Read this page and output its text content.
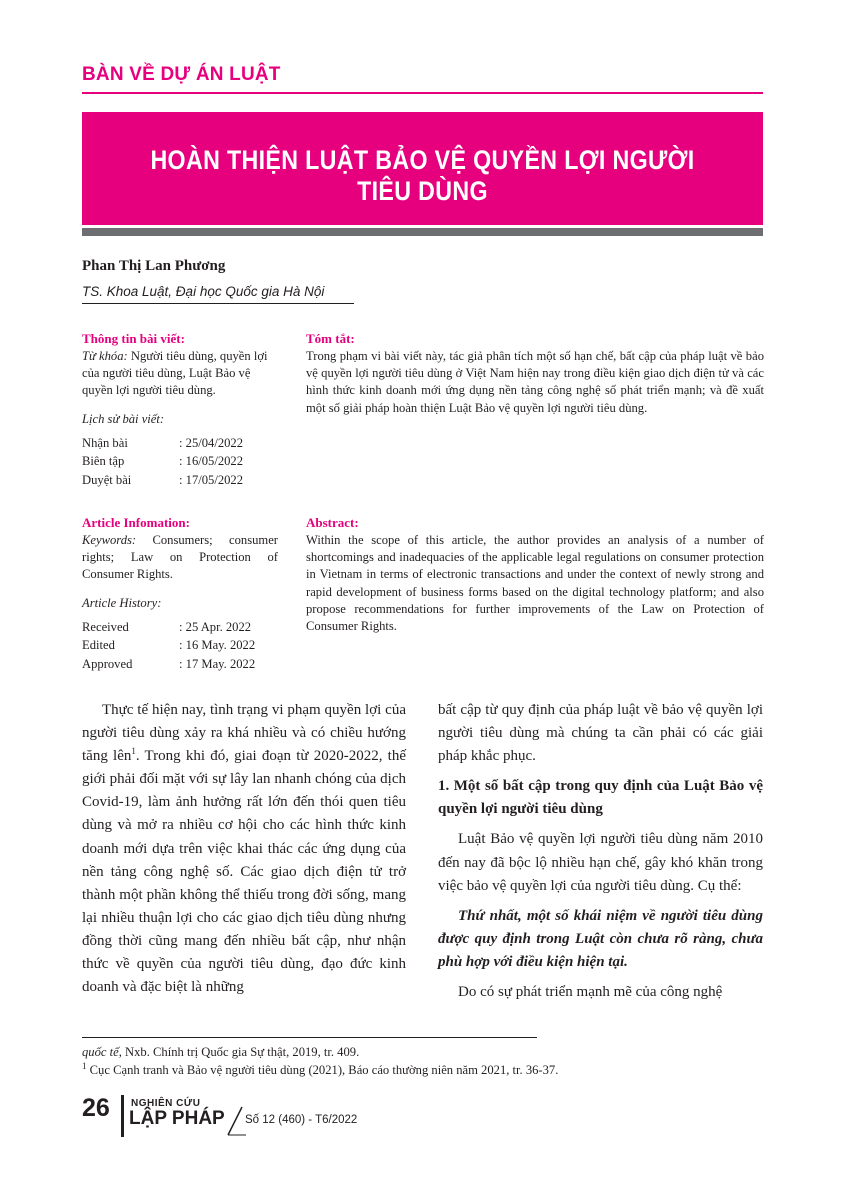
BÀN VỀ DỰ ÁN LUẬT
HOÀN THIỆN LUẬT BẢO VỆ QUYỀN LỢI NGƯỜI TIÊU DÙNG
Phan Thị Lan Phương
TS. Khoa Luật, Đại học Quốc gia Hà Nội
Thông tin bài viết:
Từ khóa: Người tiêu dùng, quyền lợi của người tiêu dùng, Luật Bảo vệ quyền lợi người tiêu dùng.
Lịch sử bài viết:
Nhận bài	: 25/04/2022
Biên tập	: 16/05/2022
Duyệt bài	: 17/05/2022
Tóm tắt:
Trong phạm vi bài viết này, tác giả phân tích một số hạn chế, bất cập của pháp luật về bảo vệ quyền lợi người tiêu dùng ở Việt Nam hiện nay trong điều kiện giao dịch điện tử và các hình thức kinh doanh mới ứng dụng nền tảng công nghệ số phát triển mạnh; và đề xuất một số giải pháp hoàn thiện Luật Bảo vệ quyền lợi người tiêu dùng.
Article Infomation:
Keywords: Consumers; consumer rights; Law on Protection of Consumer Rights.
Article History:
Received	: 25 Apr. 2022
Edited	: 16 May. 2022
Approved	: 17 May. 2022
Abstract:
Within the scope of this article, the author provides an analysis of a number of shortcomings and inadequacies of the applicable legal regulations on consumer protection in Vietnam in terms of electronic transactions and under the context of newly strong and rapid development of business forms based on the digital technology platform; and also propose recommendations for further improvements of the Law on Protection of Consumer Rights.
Thực tế hiện nay, tình trạng vi phạm quyền lợi của người tiêu dùng xảy ra khá nhiều và có chiều hướng tăng lên$^1$. Trong khi đó, giai đoạn từ 2020-2022, thế giới phải đối mặt với sự lây lan nhanh chóng của dịch Covid-19, làm ảnh hưởng rất lớn đến thói quen tiêu dùng và mở ra nhiều cơ hội cho các hình thức kinh doanh mới dựa trên việc khai thác các ứng dụng của nền tảng công nghệ số. Các giao dịch điện tử trở thành một phần không thể thiếu trong đời sống, mang lại nhiều thuận lợi cho các giao dịch tiêu dùng nhưng đồng thời cũng mang đến nhiều bất cập, như nhận thức về quyền của người tiêu dùng, đạo đức kinh doanh và đặc biệt là những
bất cập từ quy định của pháp luật về bảo vệ quyền lợi người tiêu dùng mà chúng ta cần phải có các giải pháp khắc phục.
1. Một số bất cập trong quy định của Luật Bảo vệ quyền lợi người tiêu dùng
Luật Bảo vệ quyền lợi người tiêu dùng năm 2010 đến nay đã bộc lộ nhiều hạn chế, gây khó khăn trong việc bảo vệ quyền lợi của người tiêu dùng. Cụ thể:
Thứ nhất, một số khái niệm về người tiêu dùng được quy định trong Luật còn chưa rõ ràng, chưa phù hợp với điều kiện hiện tại.
Do có sự phát triển mạnh mẽ của công nghệ
quốc tế, Nxb. Chính trị Quốc gia Sự thật, 2019, tr. 409.
$^1$ Cục Cạnh tranh và Bảo vệ người tiêu dùng (2021), Báo cáo thường niên năm 2021, tr. 36-37.
26 NGHIÊN CỨU
LẬP PHÁP Số 12 (460) - T6/2022
